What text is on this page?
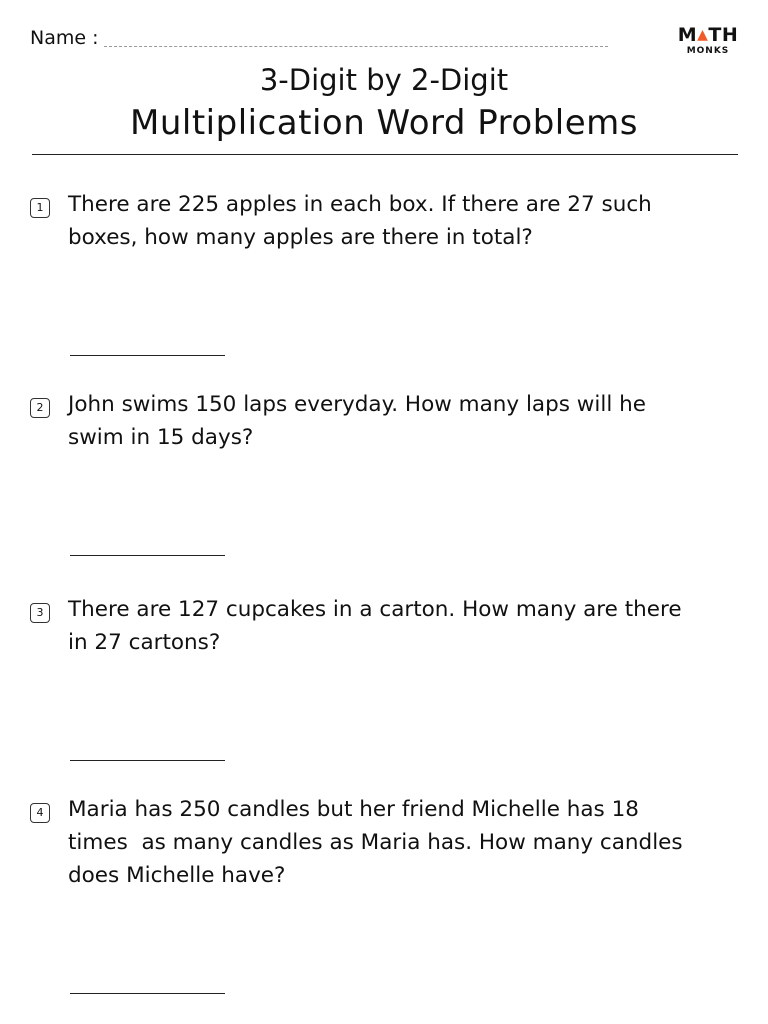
Name :	M▲TH
MONKS
3-Digit by 2-Digit
Multiplication Word Problems
1	There are 225 apples in each box. If there are 27 such
boxes, how many apples are there in total?
2	John swims 150 laps everyday. How many laps will he
swim in 15 days?
3	There are 127 cupcakes in a carton. How many are there
in 27 cartons?
4	Maria has 250 candles but her friend Michelle has 18
times  as many candles as Maria has. How many candles
does Michelle have?
